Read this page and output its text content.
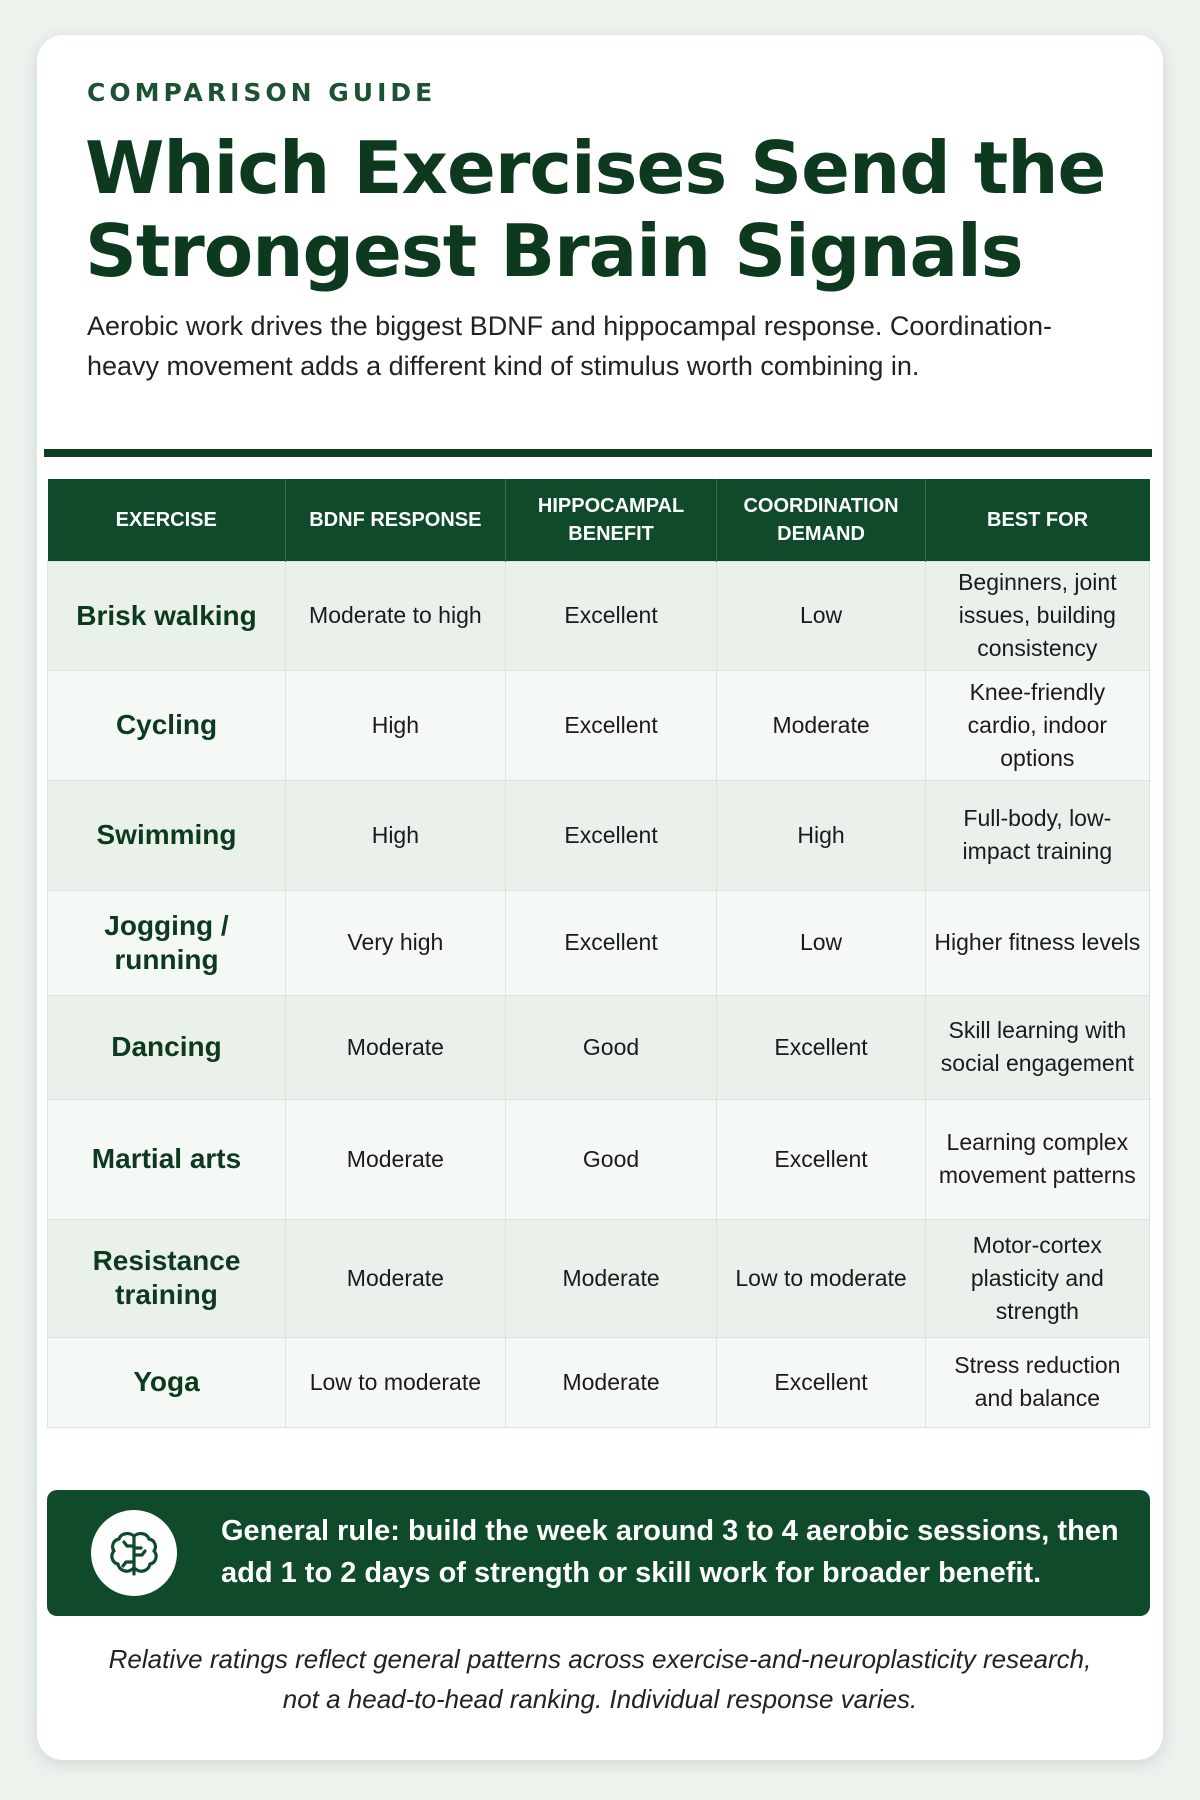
COMPARISON GUIDE
Which Exercises Send the Strongest Brain Signals

Aerobic work drives the biggest BDNF and hippocampal response. Coordination-heavy movement adds a different kind of stimulus worth combining in.

EXERCISE	BDNF RESPONSE	HIPPOCAMPAL BENEFIT	COORDINATION DEMAND	BEST FOR
Brisk walking	Moderate to high	Excellent	Low	Beginners, joint issues, building consistency
Cycling	High	Excellent	Moderate	Knee-friendly cardio, indoor options
Swimming	High	Excellent	High	Full-body, low-impact training
Jogging / running	Very high	Excellent	Low	Higher fitness levels
Dancing	Moderate	Good	Excellent	Skill learning with social engagement
Martial arts	Moderate	Good	Excellent	Learning complex movement patterns
Resistance training	Moderate	Moderate	Low to moderate	Motor-cortex plasticity and strength
Yoga	Low to moderate	Moderate	Excellent	Stress reduction and balance
General rule: build the week around 3 to 4 aerobic sessions, then add 1 to 2 days of strength or skill work for broader benefit.

Relative ratings reflect general patterns across exercise-and-neuroplasticity research, not a head-to-head ranking. Individual response varies.
